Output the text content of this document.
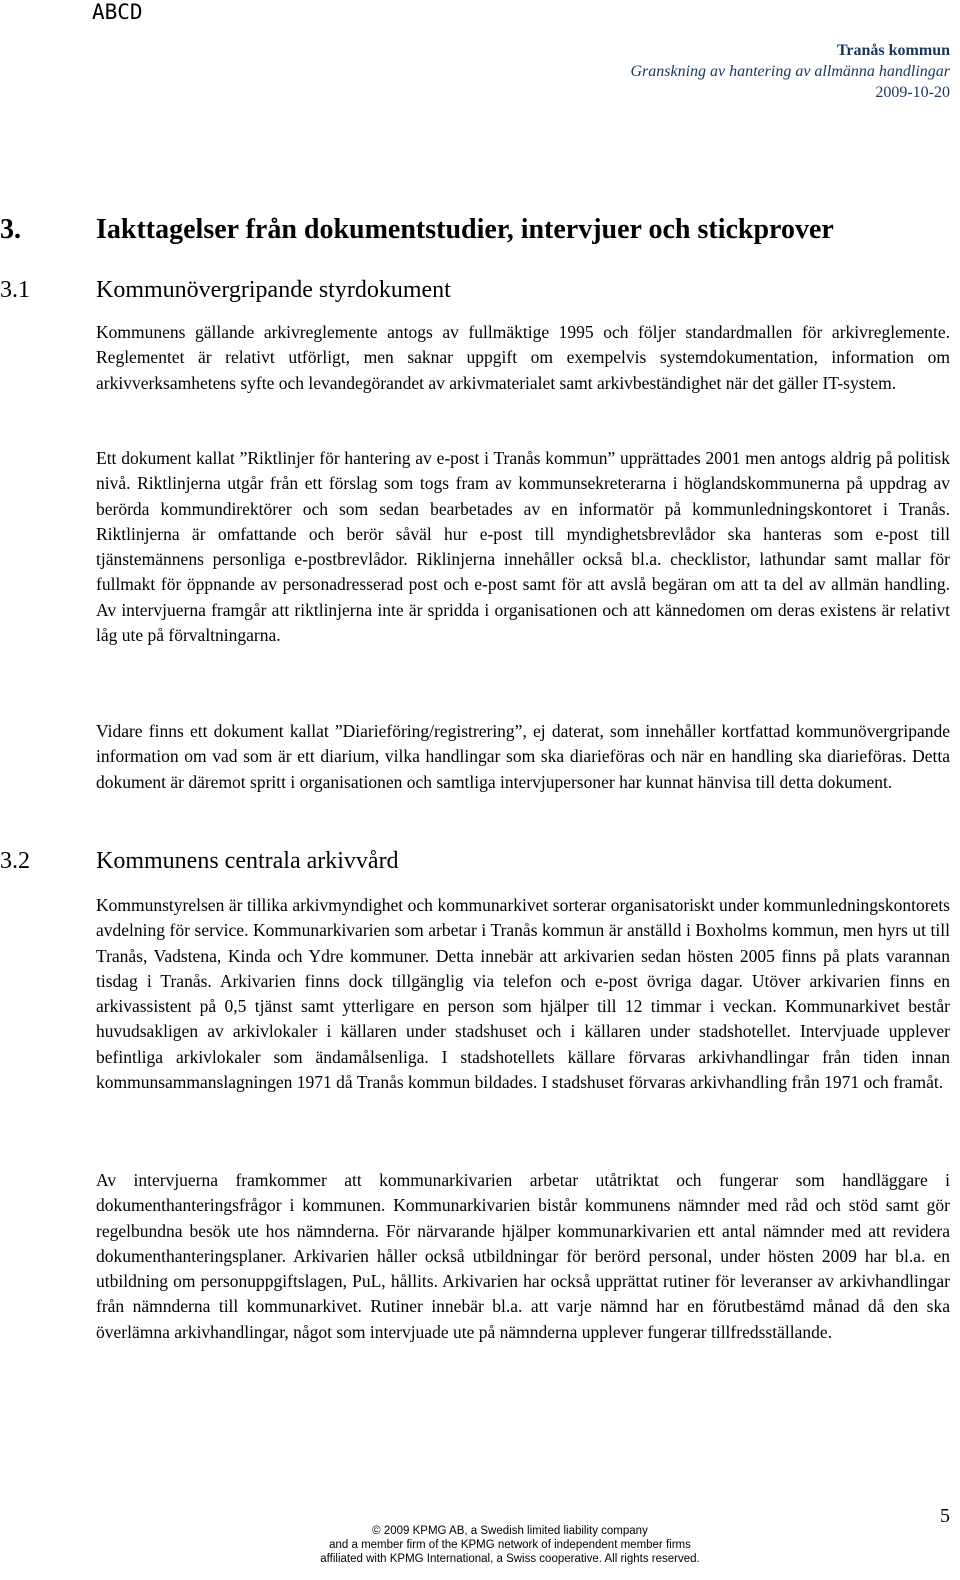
ABCD
Tranås kommun
Granskning av hantering av allmänna handlingar
2009-10-20
3.	Iakttagelser från dokumentstudier, intervjuer och stickprover
3.1	Kommunövergripande styrdokument

Kommunens gällande arkivreglemente antogs av fullmäktige 1995 och följer standardmallen för arkivreglemente. Reglementet är relativt utförligt, men saknar uppgift om exempelvis systemdokumentation, information om arkivverksamhetens syfte och levandegörandet av arkivmaterialet samt arkivbeständighet när det gäller IT-system.

Ett dokument kallat ”Riktlinjer för hantering av e-post i Tranås kommun” upprättades 2001 men antogs aldrig på politisk nivå. Riktlinjerna utgår från ett förslag som togs fram av kommunsekreterarna i höglandskommunerna på uppdrag av berörda kommundirektörer och som sedan bearbetades av en informatör på kommunledningskontoret i Tranås. Riktlinjerna är omfattande och berör såväl hur e-post till myndighetsbrevlådor ska hanteras som e-post till tjänstemännens personliga e-postbrevlådor. Riklinjerna innehåller också bl.a. checklistor, lathundar samt mallar för fullmakt för öppnande av personadresserad post och e-post samt för att avslå begäran om att ta del av allmän handling. Av intervjuerna framgår att riktlinjerna inte är spridda i organisationen och att kännedomen om deras existens är relativt låg ute på förvaltningarna.

Vidare finns ett dokument kallat ”Diarieföring/registrering”, ej daterat, som innehåller kortfattad kommunövergripande information om vad som är ett diarium, vilka handlingar som ska diarieföras och när en handling ska diarieföras. Detta dokument är däremot spritt i organisationen och samtliga intervjupersoner har kunnat hänvisa till detta dokument.

3.2	Kommunens centrala arkivvård

Kommunstyrelsen är tillika arkivmyndighet och kommunarkivet sorterar organisatoriskt under kommunledningskontorets avdelning för service. Kommunarkivarien som arbetar i Tranås kommun är anställd i Boxholms kommun, men hyrs ut till Tranås, Vadstena, Kinda och Ydre kommuner. Detta innebär att arkivarien sedan hösten 2005 finns på plats varannan tisdag i Tranås. Arkivarien finns dock tillgänglig via telefon och e-post övriga dagar. Utöver arkivarien finns en arkivassistent på 0,5 tjänst samt ytterligare en person som hjälper till 12 timmar i veckan. Kommunarkivet består huvudsakligen av arkivlokaler i källaren under stadshuset och i källaren under stadshotellet. Intervjuade upplever befintliga arkivlokaler som ändamålsenliga. I stadshotellets källare förvaras arkivhandlingar från tiden innan kommunsammanslagningen 1971 då Tranås kommun bildades. I stadshuset förvaras arkivhandling från 1971 och framåt.

Av intervjuerna framkommer att kommunarkivarien arbetar utåtriktat och fungerar som handläggare i dokumenthanteringsfrågor i kommunen. Kommunarkivarien bistår kommunens nämnder med råd och stöd samt gör regelbundna besök ute hos nämnderna. För närvarande hjälper kommunarkivarien ett antal nämnder med att revidera dokumenthanteringsplaner. Arkivarien håller också utbildningar för berörd personal, under hösten 2009 har bl.a. en utbildning om personuppgiftslagen, PuL, hållits. Arkivarien har också upprättat rutiner för leveranser av arkivhandlingar från nämnderna till kommunarkivet. Rutiner innebär bl.a. att varje nämnd har en förutbestämd månad då den ska överlämna arkivhandlingar, något som intervjuade ute på nämnderna upplever fungerar tillfredsställande.

5
© 2009 KPMG AB, a Swedish limited liability company
and a member firm of the KPMG network of independent member firms
affiliated with KPMG International, a Swiss cooperative. All rights reserved.
